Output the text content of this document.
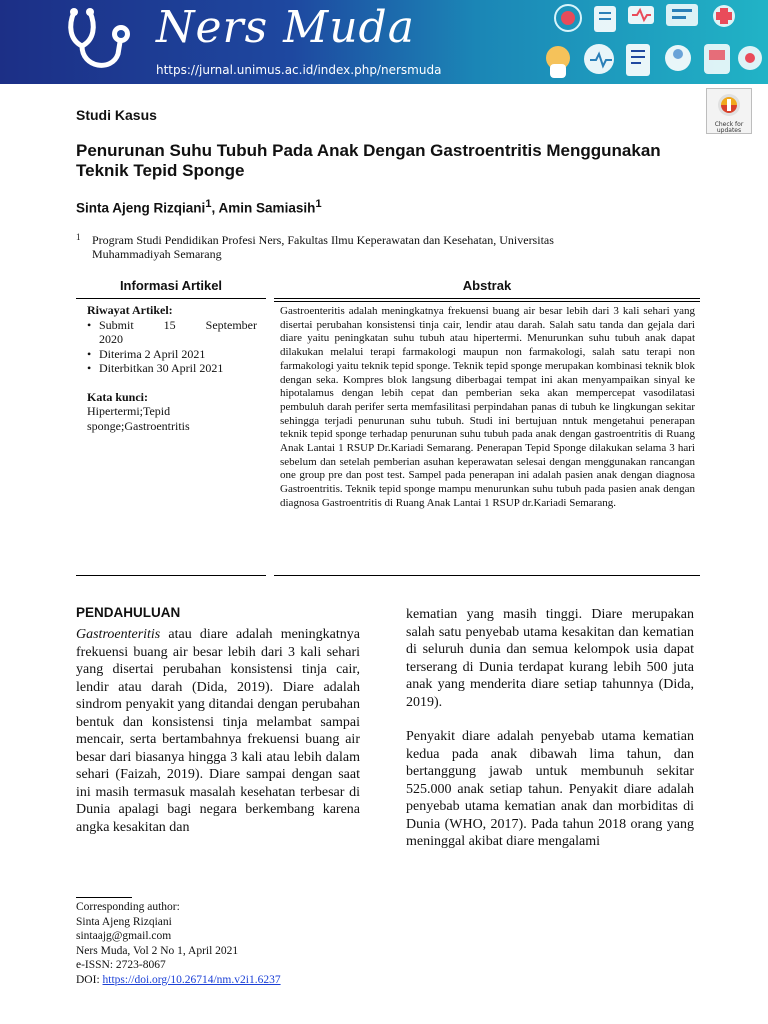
Ners Muda
https://jurnal.unimus.ac.id/index.php/nersmuda
Studi Kasus
Check for
updates
Penurunan Suhu Tubuh Pada Anak Dengan Gastroentritis Menggunakan Teknik Tepid Sponge
Sinta Ajeng Rizqiani$^1$, Amin Samiasih$^1$
1 Program Studi Pendidikan Profesi Ners, Fakultas Ilmu Keperawatan dan Kesehatan, Universitas Muhammadiyah Semarang
Informasi Artikel	Abstrak
Riwayat Artikel:
• Submit 15 September
2020
• Diterima 2 April 2021
• Diterbitkan 30 April 2021
Kata kunci:
Hipertermi;Tepid
sponge;Gastroentritis
Gastroenteritis adalah meningkatnya frekuensi buang air besar lebih dari 3 kali sehari yang disertai perubahan konsistensi tinja cair, lendir atau darah. Salah satu tanda dan gejala dari diare yaitu peningkatan suhu tubuh atau hipertermi. Menurunkan suhu tubuh anak dapat dilakukan melalui terapi farmakologi maupun non farmakologi, salah satu terapi non farmakologi yaitu teknik tepid sponge. Teknik tepid sponge merupakan kombinasi teknik blok dengan seka. Kompres blok langsung diberbagai tempat ini akan menyampaikan sinyal ke hipotalamus dengan lebih cepat dan pemberian seka akan mempercepat vasodilatasi pembuluh darah perifer serta memfasilitasi perpindahan panas di tubuh ke lingkungan sekitar sehingga terjadi penurunan suhu tubuh. Studi ini bertujuan nntuk mengetahui penerapan teknik tepid sponge terhadap penurunan suhu tubuh pada anak dengan gastroentritis di Ruang Anak Lantai 1 RSUP Dr.Kariadi Semarang. Penerapan Tepid Sponge dilakukan selama 3 hari sebelum dan setelah pemberian asuhan keperawatan selesai dengan menggunakan rancangan one group pre dan post test. Sampel pada penerapan ini adalah pasien anak dengan diagnosa Gastroentritis. Teknik tepid sponge mampu menurunkan suhu tubuh pada pasien anak dengan diagnosa Gastroentritis di Ruang Anak Lantai 1 RSUP dr.Kariadi Semarang.
PENDAHULUAN

Gastroenteritis atau diare adalah meningkatnya frekuensi buang air besar lebih dari 3 kali sehari yang disertai perubahan konsistensi tinja cair, lendir atau darah (Dida, 2019). Diare adalah sindrom penyakit yang ditandai dengan perubahan bentuk dan konsistensi tinja melambat sampai mencair, serta bertambahnya frekuensi buang air besar dari biasanya hingga 3 kali atau lebih dalam sehari (Faizah, 2019). Diare sampai dengan saat ini masih termasuk masalah kesehatan terbesar di Dunia apalagi bagi negara berkembang karena angka kesakitan dan

kematian yang masih tinggi. Diare merupakan salah satu penyebab utama kesakitan dan kematian di seluruh dunia dan semua kelompok usia dapat terserang di Dunia terdapat kurang lebih 500 juta anak yang menderita diare setiap tahunnya (Dida, 2019).

Penyakit diare adalah penyebab utama kematian kedua pada anak dibawah lima tahun, dan bertanggung jawab untuk membunuh sekitar 525.000 anak setiap tahun. Penyakit diare adalah penyebab utama kematian anak dan morbiditas di Dunia (WHO, 2017). Pada tahun 2018 orang yang meninggal akibat diare mengalami

Corresponding author:
Sinta Ajeng Rizqiani
sintaajg@gmail.com
Ners Muda, Vol 2 No 1, April 2021
e-ISSN: 2723-8067
DOI: https://doi.org/10.26714/nm.v2i1.6237
